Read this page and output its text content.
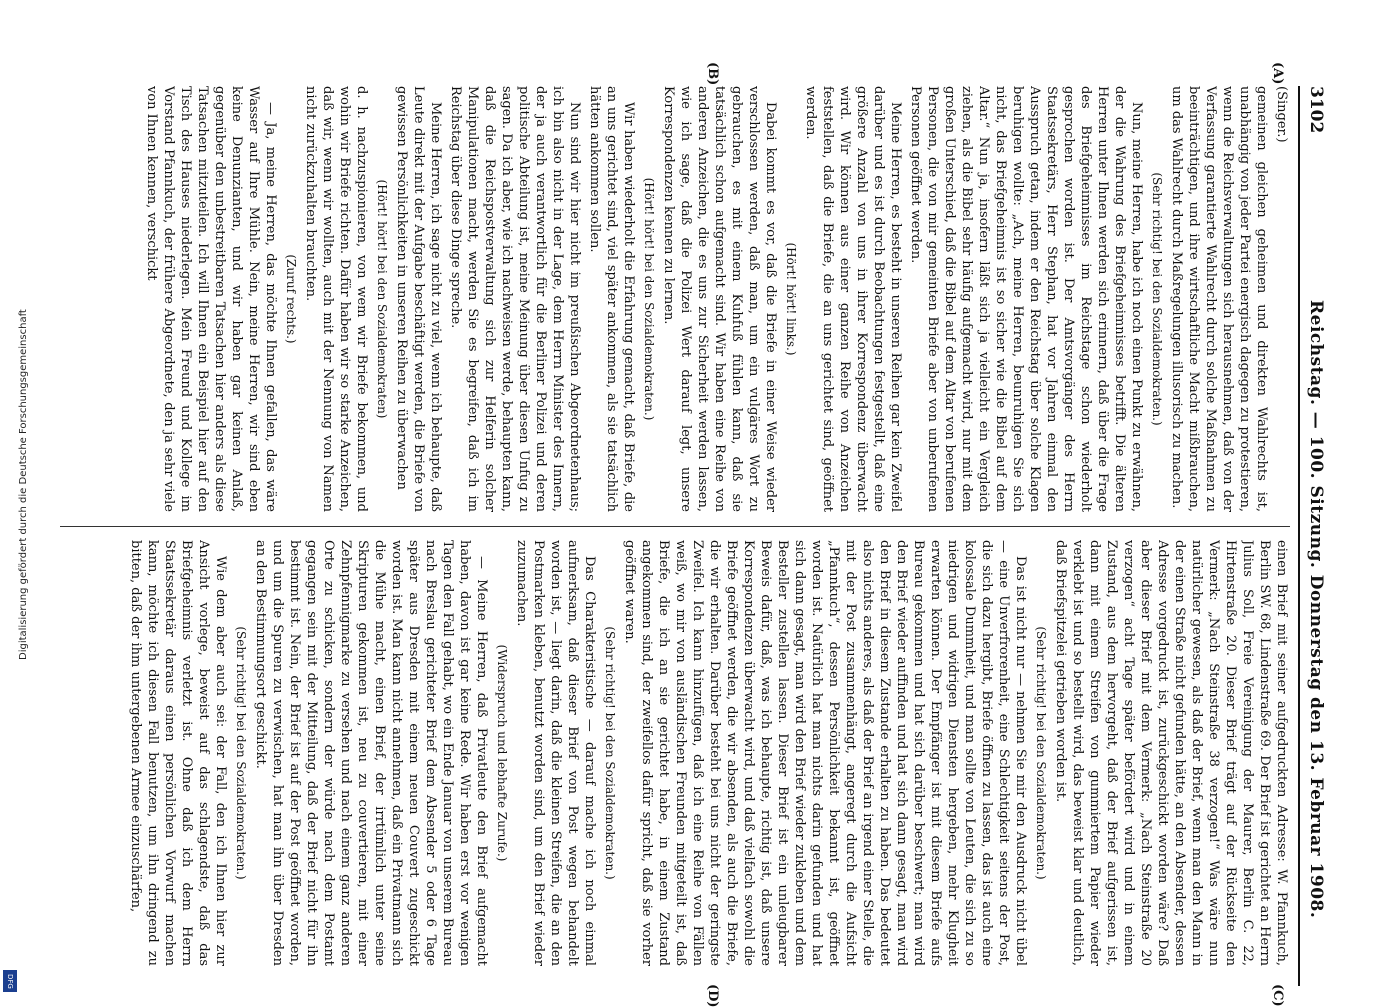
3102
Reichstag. — 100. Sitzung. Donnerstag den 13. Februar 1908.
(A)
(B)
(C)
(D)

(Singer.)

gemeinen gleichen geheimen und direkten Wahlrechts ist, unabhängig von jeder Partei energisch dagegen zu protestieren, wenn die Reichsverwaltungen sich herausnehmen, daß von der Verfassung garantierte Wahlrecht durch solche Maßnahmen zu beeinträchtigen, und ihre wirtschaftliche Macht mißbrauchen, um das Wahlrecht durch Maßregelungen illusorisch zu machen.

(Sehr richtig! bei den Sozialdemokraten.)

Nun, meine Herren, habe ich noch einen Punkt zu erwähnen, der die Wahrung des Briefgeheimnisses betrifft. Die älteren Herren unter Ihnen werden sich erinnern, daß über die Frage des Briefgeheimnisses im Reichstage schon wiederholt gesprochen worden ist. Der Amtsvorgänger des Herrn Staatssekretärs, Herr Stephan, hat vor Jahren einmal den Ausspruch getan, indem er den Reichstag über solche Klagen beruhigen wollte: „Ach, meine Herren, beunruhigen Sie sich nicht, das Briefgeheimnis ist so sicher wie die Bibel auf dem Altar.“ Nun ja, insofern läßt sich ja vielleicht ein Vergleich ziehen, als die Bibel sehr häufig aufgemacht wird, nur mit dem großen Unterschied, daß die Bibel auf dem Altar von berufenen Personen, die von mir gemeinten Briefe aber von unberufenen Personen geöffnet werden.

Meine Herren, es besteht in unseren Reihen gar kein Zweifel darüber und es ist durch Beobachtungen festgestellt, daß eine größere Anzahl von uns in ihrer Korrespondenz überwacht wird. Wir können aus einer ganzen Reihe von Anzeichen feststellen, daß die Briefe, die an uns gerichtet sind, geöffnet werden.

(Hört! hört! links.)

Dabei kommt es vor, daß die Briefe in einer Weise wieder verschlossen werden, daß man, um ein vulgäres Wort zu gebrauchen, es mit einem Kuhfuß fühlen kann, daß sie tatsächlich schon aufgemacht sind. Wir haben eine Reihe von anderen Anzeichen, die es uns zur Sicherheit werden lassen, wie ich sage, daß die Polizei Wert darauf legt, unsere Korrespondenzen kennen zu lernen.

(Hört! hört! bei den Sozialdemokraten.)

Wir haben wiederholt die Erfahrung gemacht, daß Briefe, die an uns gerichtet sind, viel später ankommen, als sie tatsächlich hätten ankommen sollen.

Nun sind wir hier nicht im preußischen Abgeordnetenhaus; ich bin also nicht in der Lage, dem Herrn Minister des Innern, der ja auch verantwortlich für die Berliner Polizei und deren politische Abteilung ist, meine Meinung über diesen Unfug zu sagen. Da ich aber, wie ich nachweisen werde, behaupten kann, daß die Reichspostverwaltung sich zur Helferin solcher Manipulationen macht, werden Sie es begreifen, daß ich im Reichstag über diese Dinge spreche.

Meine Herren, ich sage nicht zu viel, wenn ich behaupte, daß Leute direkt mit der Aufgabe beschäftigt werden, die Briefe von gewissen Persönlichkeiten in unseren Reihen zu überwachen

(Hört! hört! bei den Sozialdemokraten)

d. h. nachzuspionieren, von wem wir Briefe bekommen, und wohin wir Briefe richten. Dafür haben wir so starke Anzeichen, daß wir, wenn wir wollten, auch mit der Nennung von Namen nicht zurückzuhalten brauchten.

(Zuruf rechts.)

— Ja, meine Herren, das möchte Ihnen gefallen, das wäre Wasser auf Ihre Mühle. Nein, meine Herren, wir sind eben keine Denunzianten, und wir haben gar keinen Anlaß, gegenüber den unbestreitbaren Tatsachen hier anders als diese Tatsachen mitzuteilen. Ich will Ihnen ein Beispiel hier auf den Tisch des Hauses niederlegen. Mein Freund und Kollege im Vorstand Pfannkuch, der frühere Abgeordnete, den ja sehr viele von Ihnen kennen, verschickt

einen Brief mit seiner aufgedruckten Adresse: W. Pfannkuch, Berlin SW. 68, Lindenstraße 69. Der Brief ist gerichtet an Herrn Julius Soll, Freie Vereinigung der Maurer, Berlin C. 22, Hirtenstraße 20. Dieser Brief trägt auf der Rückseite den Vermerk: „Nach Steinstraße 38 verzogen!“ Was wäre nun natürlicher gewesen, als daß der Brief, wenn man den Mann in der einen Straße nicht gefunden hätte, an den Absender, dessen Adresse vorgedruckt ist, zurückgeschickt worden wäre? Daß aber dieser Brief mit dem Vermerk: „Nach Steinstraße 20 verzogen“ acht Tage später befördert wird und in einem Zustand, aus dem hervorgeht, daß der Brief aufgerissen ist, dann mit einem Streifen von gummiertem Papier wieder verklebt ist und so bestellt wird, das beweist klar und deutlich, daß Briefspitzelei getrieben worden ist.

(Sehr richtig! bei den Sozialdemokraten.)

Das ist nicht nur — nehmen Sie mir den Ausdruck nicht übel — eine Unverfrorenheit, eine Schlechtigkeit seitens der Post, die sich dazu hergibt, Briefe öffnen zu lassen, das ist auch eine kolossale Dummheit, und man sollte von Leuten, die sich zu so niedrigen und widrigen Diensten hergeben, mehr Klugheit erwarten können. Der Empfänger ist mit diesem Briefe aufs Bureau gekommen und hat sich darüber beschwert; man wird den Brief wieder auffinden und hat sich dann gesagt, man wird den Brief in diesem Zustande erhalten zu haben. Das bedeutet also nichts anderes, als daß der Brief an irgend einer Stelle, die mit der Post zusammenhängt, angeregt durch die Aufsicht „Pfannkuch“, dessen Persönlichkeit bekannt ist, geöffnet worden ist. Natürlich hat man nichts darin gefunden und hat sich dann gesagt, man wird den Brief wieder zukleben und dem Besteller zustellen lassen. Dieser Brief ist ein unleugbarer Beweis dafür, daß, was ich behaupte, richtig ist, daß unsere Korrespondenzen überwacht wird, und daß vielfach sowohl die Briefe geöffnet werden, die wir absenden, als auch die Briefe, die wir erhalten. Darüber besteht bei uns nicht der geringste Zweifel. Ich kann hinzufügen, daß ich eine Reihe von Fällen weiß, wo mir von ausländischen Freunden mitgeteilt ist, daß Briefe, die ich an sie gerichtet habe, in einem Zustand angekommen sind, der zweifellos dafür spricht, daß sie vorher geöffnet waren.

(Sehr richtig! bei den Sozialdemokraten.)

Das Charakteristische — darauf mache ich noch einmal aufmerksam, daß dieser Brief von Post wegen behandelt worden ist, — liegt darin, daß die kleinen Streifen, die an den Postmarken kleben, benutzt worden sind, um den Brief wieder zuzumachen.

(Widerspruch und lebhafte Zurufe.)

— Meine Herren, daß Privatleute den Brief aufgemacht haben, davon ist gar keine Rede. Wir haben erst vor wenigen Tagen den Fall gehabt, wo ein Ende Januar von unserem Bureau nach Breslau gerichteter Brief dem Absender 5 oder 6 Tage später aus Dresden mit einem neuen Couvert zugeschickt worden ist. Man kann nicht annehmen, daß ein Privatmann sich die Mühe macht, einen Brief, der irrtümlich unter seine Skripturen gekommen ist, neu zu couvertieren, mit einer Zehnpfennigmarke zu versehen und nach einem ganz anderen Orte zu schicken, sondern der würde nach dem Postamt gegangen sein mit der Mitteilung, daß der Brief nicht für ihn bestimmt ist. Nein, der Brief ist auf der Post geöffnet worden, und um die Spuren zu verwischen, hat man ihn über Dresden an den Bestimmungsort geschickt.

(Sehr richtig! bei den Sozialdemokraten.)

Wie dem aber auch sei: der Fall, den ich Ihnen hier zur Ansicht vorlege, beweist auf das schlagendste, daß das Briefgeheimnis verletzt ist. Ohne daß ich dem Herrn Staatssekretär daraus einen persönlichen Vorwurf machen kann, möchte ich diesen Fall benutzen, um ihn dringend zu bitten, daß der ihm untergebenen Armee einzuschärfen,

Digitalisierung gefördert durch die Deutsche Forschungsgemeinschaft
DFG
